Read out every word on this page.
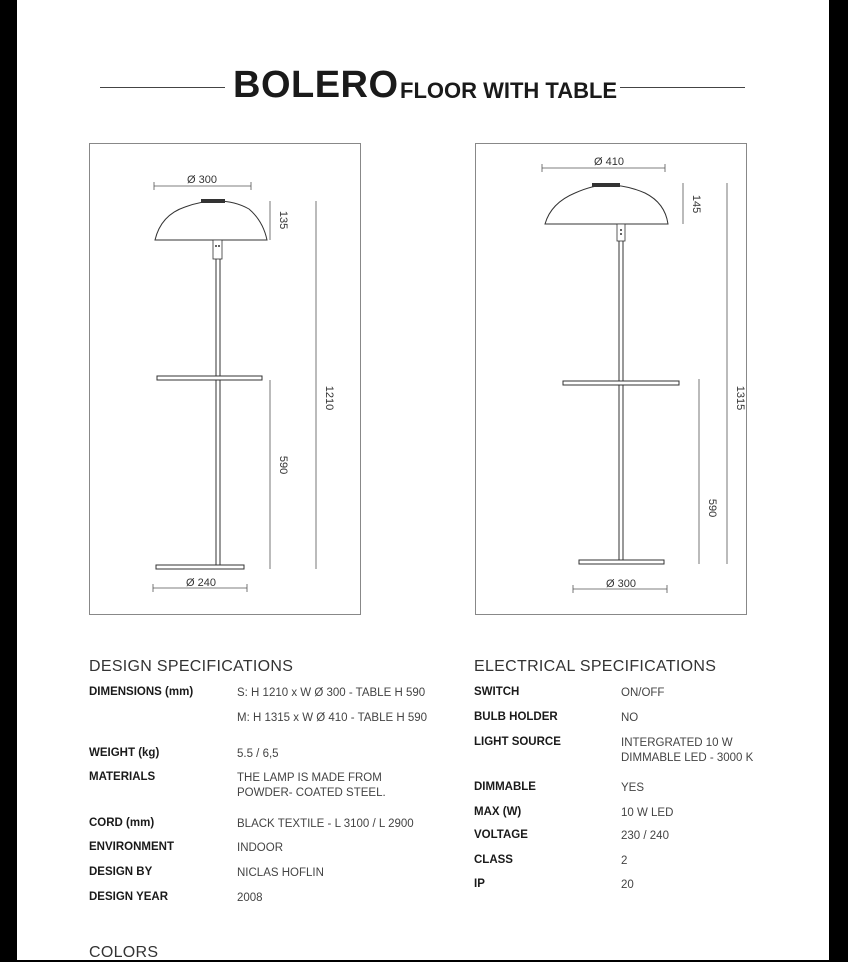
BOLERO FLOOR WITH TABLE
Ø 300
135
1210
590
Ø 240
Ø 410
145
1315
590
Ø 300
DESIGN SPECIFICATIONS
DIMENSIONS (mm)	S: H 1210 x W Ø 300 - TABLE H 590
M: H 1315 x W Ø 410 - TABLE H 590
WEIGHT (kg)	5.5 / 6,5
MATERIALS	THE LAMP IS MADE FROM
POWDER- COATED STEEL.
CORD (mm)	BLACK TEXTILE - L 3100 / L 2900
ENVIRONMENT	INDOOR
DESIGN BY	NICLAS HOFLIN
DESIGN YEAR	2008
ELECTRICAL SPECIFICATIONS
SWITCH	ON/OFF
BULB HOLDER	NO
LIGHT SOURCE	INTERGRATED 10 W
DIMMABLE LED - 3000 K
DIMMABLE	YES
MAX (W)	10 W LED
VOLTAGE	230 / 240
CLASS	2
IP	20
COLORS
